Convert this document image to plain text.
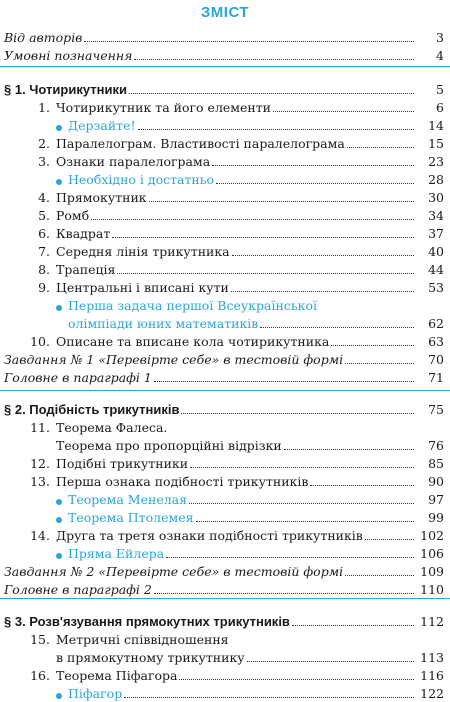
ЗМІСТ
Від авторів	3
Умовні позначення	4
§ 1. Чотирикутники	5
1. Чотирикутник та його елементи	6
Дерзайте!	14
2. Паралелограм. Властивості паралелограма	15
3. Ознаки паралелограма	23
Необхідно і достатньо	28
4. Прямокутник	30
5. Ромб	34
6. Квадрат	37
7. Середня лінія трикутника	40
8. Трапеція	44
9. Центральні і вписані кути	53
Перша задача першої Всеукраїнської
олімпіади юних математиків	62
10. Описане та вписане кола чотирикутника	63
Завдання № 1 «Перевірте себе» в тестовій формі	70
Головне в параграфі 1	71
§ 2. Подібність трикутників	75
11. Теорема Фалеса.
Теорема про пропорційні відрізки	76
12. Подібні трикутники	85
13. Перша ознака подібності трикутників	90
Теорема Менелая	97
Теорема Птолемея	99
14. Друга та третя ознаки подібності трикутників	102
Пряма Ейлера	106
Завдання № 2 «Перевірте себе» в тестовій формі	109
Головне в параграфі 2	110
§ 3. Розв'язування прямокутних трикутників	112
15. Метричні співвідношення
в прямокутному трикутнику	113
16. Теорема Піфагора	116
Піфагор	122
